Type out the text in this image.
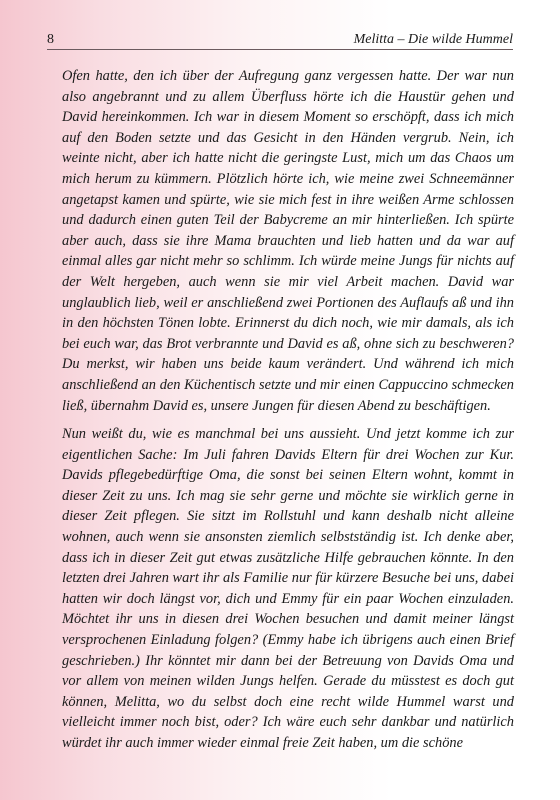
8	Melitta – Die wilde Hummel

Ofen hatte, den ich über der Aufregung ganz vergessen hatte. Der war nun also angebrannt und zu allem Überfluss hörte ich die Haustür gehen und David hereinkommen. Ich war in diesem Moment so erschöpft, dass ich mich auf den Boden setzte und das Gesicht in den Händen vergrub. Nein, ich weinte nicht, aber ich hatte nicht die geringste Lust, mich um das Chaos um mich herum zu kümmern. Plötzlich hörte ich, wie meine zwei Schneemänner angetapst kamen und spürte, wie sie mich fest in ihre weißen Arme schlossen und dadurch einen guten Teil der Babycreme an mir hinterließen. Ich spürte aber auch, dass sie ihre Mama brauchten und lieb hatten und da war auf einmal alles gar nicht mehr so schlimm. Ich würde meine Jungs für nichts auf der Welt hergeben, auch wenn sie mir viel Arbeit machen. David war unglaublich lieb, weil er anschließend zwei Portionen des Auflaufs aß und ihn in den höchsten Tönen lobte. Erinnerst du dich noch, wie mir damals, als ich bei euch war, das Brot verbrannte und David es aß, ohne sich zu beschweren? Du merkst, wir haben uns beide kaum verändert. Und während ich mich anschließend an den Küchentisch setzte und mir einen Cappuccino schmecken ließ, übernahm David es, unsere Jungen für diesen Abend zu beschäftigen.

Nun weißt du, wie es manchmal bei uns aussieht. Und jetzt komme ich zur eigentlichen Sache: Im Juli fahren Davids Eltern für drei Wochen zur Kur. Davids pflegebedürftige Oma, die sonst bei seinen Eltern wohnt, kommt in dieser Zeit zu uns. Ich mag sie sehr gerne und möchte sie wirklich gerne in dieser Zeit pflegen. Sie sitzt im Rollstuhl und kann deshalb nicht alleine wohnen, auch wenn sie ansonsten ziemlich selbstständig ist. Ich denke aber, dass ich in dieser Zeit gut etwas zusätzliche Hilfe gebrauchen könnte. In den letzten drei Jahren wart ihr als Familie nur für kürzere Besuche bei uns, dabei hatten wir doch längst vor, dich und Emmy für ein paar Wochen einzuladen. Möchtet ihr uns in diesen drei Wochen besuchen und damit meiner längst versprochenen Einladung folgen? (Emmy habe ich übrigens auch einen Brief geschrieben.) Ihr könntet mir dann bei der Betreuung von Davids Oma und vor allem von meinen wilden Jungs helfen. Gerade du müsstest es doch gut können, Melitta, wo du selbst doch eine recht wilde Hummel warst und vielleicht immer noch bist, oder? Ich wäre euch sehr dankbar und natürlich würdet ihr auch immer wieder einmal freie Zeit haben, um die schöne
